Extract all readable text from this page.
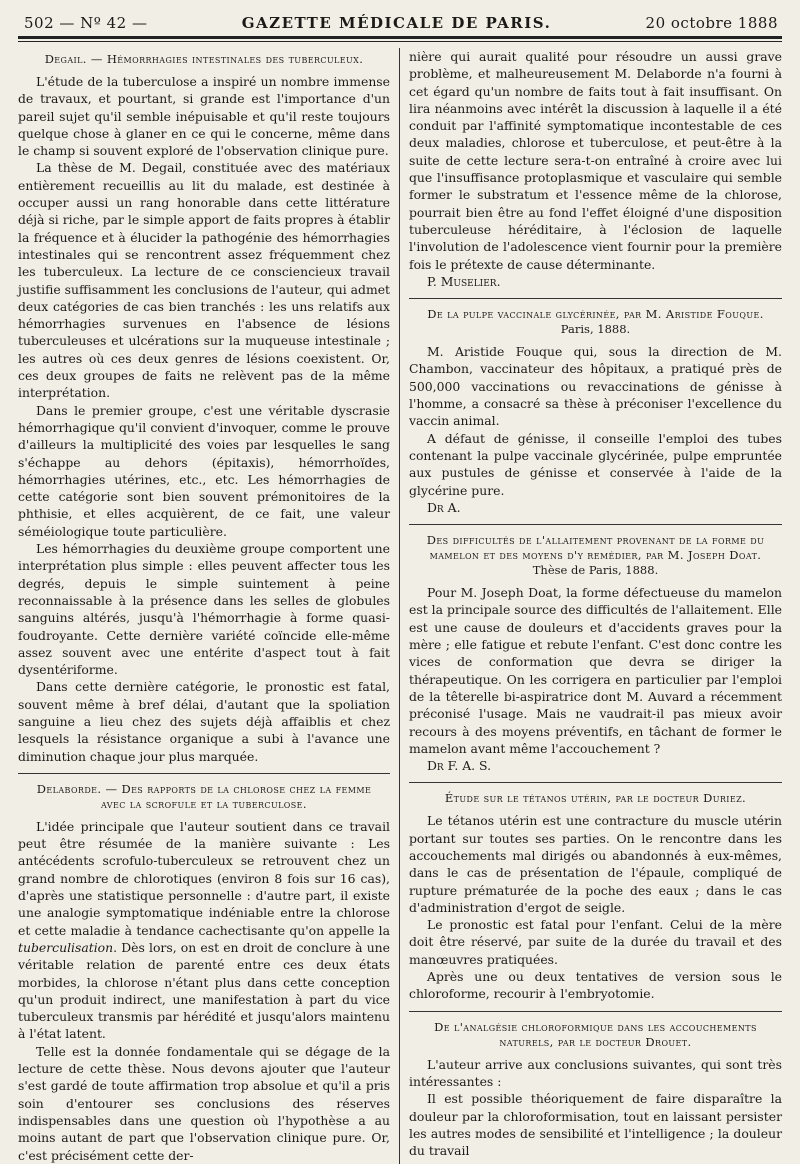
502 — Nº 42 —	GAZETTE MÉDICALE DE PARIS.	20 octobre 1888
Degail. — Hémorrhagies intestinales des tuberculeux.

L'étude de la tuberculose a inspiré un nombre immense de travaux, et pourtant, si grande est l'importance d'un pareil sujet qu'il semble inépuisable et qu'il reste toujours quelque chose à glaner en ce qui le concerne, même dans le champ si souvent exploré de l'observation clinique pure.

La thèse de M. Degail, constituée avec des matériaux entièrement recueillis au lit du malade, est destinée à occuper aussi un rang honorable dans cette littérature déjà si riche, par le simple apport de faits propres à établir la fréquence et à élucider la pathogénie des hémorrhagies intestinales qui se rencontrent assez fréquemment chez les tuberculeux. La lecture de ce consciencieux travail justifie suffisamment les conclusions de l'auteur, qui admet deux catégories de cas bien tranchés : les uns relatifs aux hémorrhagies survenues en l'absence de lésions tuberculeuses et ulcérations sur la muqueuse intestinale ; les autres où ces deux genres de lésions coexistent. Or, ces deux groupes de faits ne relèvent pas de la même interprétation.

Dans le premier groupe, c'est une véritable dyscrasie hémorrhagique qu'il convient d'invoquer, comme le prouve d'ailleurs la multiplicité des voies par lesquelles le sang s'échappe au dehors (épitaxis), hémorrhoïdes, hémorrhagies utérines, etc., etc. Les hémorrhagies de cette catégorie sont bien souvent prémonitoires de la phthisie, et elles acquièrent, de ce fait, une valeur séméiologique toute particulière.

Les hémorrhagies du deuxième groupe comportent une interprétation plus simple : elles peuvent affecter tous les degrés, depuis le simple suintement à peine reconnaissable à la présence dans les selles de globules sanguins altérés, jusqu'à l'hémorrhagie à forme quasi-foudroyante. Cette dernière variété coïncide elle-même assez souvent avec une entérite d'aspect tout à fait dysentériforme.

Dans cette dernière catégorie, le pronostic est fatal, souvent même à bref délai, d'autant que la spoliation sanguine a lieu chez des sujets déjà affaiblis et chez lesquels la résistance organique a subi à l'avance une diminution chaque jour plus marquée.

Delaborde. — Des rapports de la chlorose chez la femme
avec la scrofule et la tuberculose.

L'idée principale que l'auteur soutient dans ce travail peut être résumée de la manière suivante : Les antécédents scrofulo-tuberculeux se retrouvent chez un grand nombre de chlorotiques (environ 8 fois sur 16 cas), d'après une statistique personnelle : d'autre part, il existe une analogie symptomatique indéniable entre la chlorose et cette maladie à tendance cachectisante qu'on appelle la tuberculisation. Dès lors, on est en droit de conclure à une véritable relation de parenté entre ces deux états morbides, la chlorose n'étant plus dans cette conception qu'un produit indirect, une manifestation à part du vice tuberculeux transmis par hérédité et jusqu'alors maintenu à l'état latent.

Telle est la donnée fondamentale qui se dégage de la lecture de cette thèse. Nous devons ajouter que l'auteur s'est gardé de toute affirmation trop absolue et qu'il a pris soin d'entourer ses conclusions des réserves indispensables dans une question où l'hypothèse a au moins autant de part que l'observation clinique pure. Or, c'est précisément cette der-

nière qui aurait qualité pour résoudre un aussi grave problème, et malheureusement M. Delaborde n'a fourni à cet égard qu'un nombre de faits tout à fait insuffisant. On lira néanmoins avec intérêt la discussion à laquelle il a été conduit par l'affinité symptomatique incontestable de ces deux maladies, chlorose et tuberculose, et peut-être à la suite de cette lecture sera-t-on entraîné à croire avec lui que l'insuffisance protoplasmique et vasculaire qui semble former le substratum et l'essence même de la chlorose, pourrait bien être au fond l'effet éloigné d'une disposition tuberculeuse héréditaire, à l'éclosion de laquelle l'involution de l'adolescence vient fournir pour la première fois le prétexte de cause déterminante.

P. Muselier.

De la pulpe vaccinale glycérinée, par M. Aristide Fouque.
Paris, 1888.

M. Aristide Fouque qui, sous la direction de M. Chambon, vaccinateur des hôpitaux, a pratiqué près de 500,000 vaccinations ou revaccinations de génisse à l'homme, a consacré sa thèse à préconiser l'excellence du vaccin animal.

A défaut de génisse, il conseille l'emploi des tubes contenant la pulpe vaccinale glycérinée, pulpe empruntée aux pustules de génisse et conservée à l'aide de la glycérine pure.

Dr A.

Des difficultés de l'allaitement provenant de la forme du
mamelon et des moyens d'y remédier, par M. Joseph Doat.
Thèse de Paris, 1888.

Pour M. Joseph Doat, la forme défectueuse du mamelon est la principale source des difficultés de l'allaitement. Elle est une cause de douleurs et d'accidents graves pour la mère ; elle fatigue et rebute l'enfant. C'est donc contre les vices de conformation que devra se diriger la thérapeutique. On les corrigera en particulier par l'emploi de la têterelle bi-aspiratrice dont M. Auvard a récemment préconisé l'usage. Mais ne vaudrait-il pas mieux avoir recours à des moyens préventifs, en tâchant de former le mamelon avant même l'accouchement ?

Dr F. A. S.

Étude sur le tétanos utérin, par le docteur Duriez.

Le tétanos utérin est une contracture du muscle utérin portant sur toutes ses parties. On le rencontre dans les accouchements mal dirigés ou abandonnés à eux-mêmes, dans le cas de présentation de l'épaule, compliqué de rupture prématurée de la poche des eaux ; dans le cas d'administration d'ergot de seigle.

Le pronostic est fatal pour l'enfant. Celui de la mère doit être réservé, par suite de la durée du travail et des manœuvres pratiquées.

Après une ou deux tentatives de version sous le chloroforme, recourir à l'embryotomie.

De l'analgésie chloroformique dans les accouchements
naturels, par le docteur Drouet.

L'auteur arrive aux conclusions suivantes, qui sont très intéressantes :

Il est possible théoriquement de faire disparaître la douleur par la chloroformisation, tout en laissant persister les autres modes de sensibilité et l'intelligence ; la douleur du travail
